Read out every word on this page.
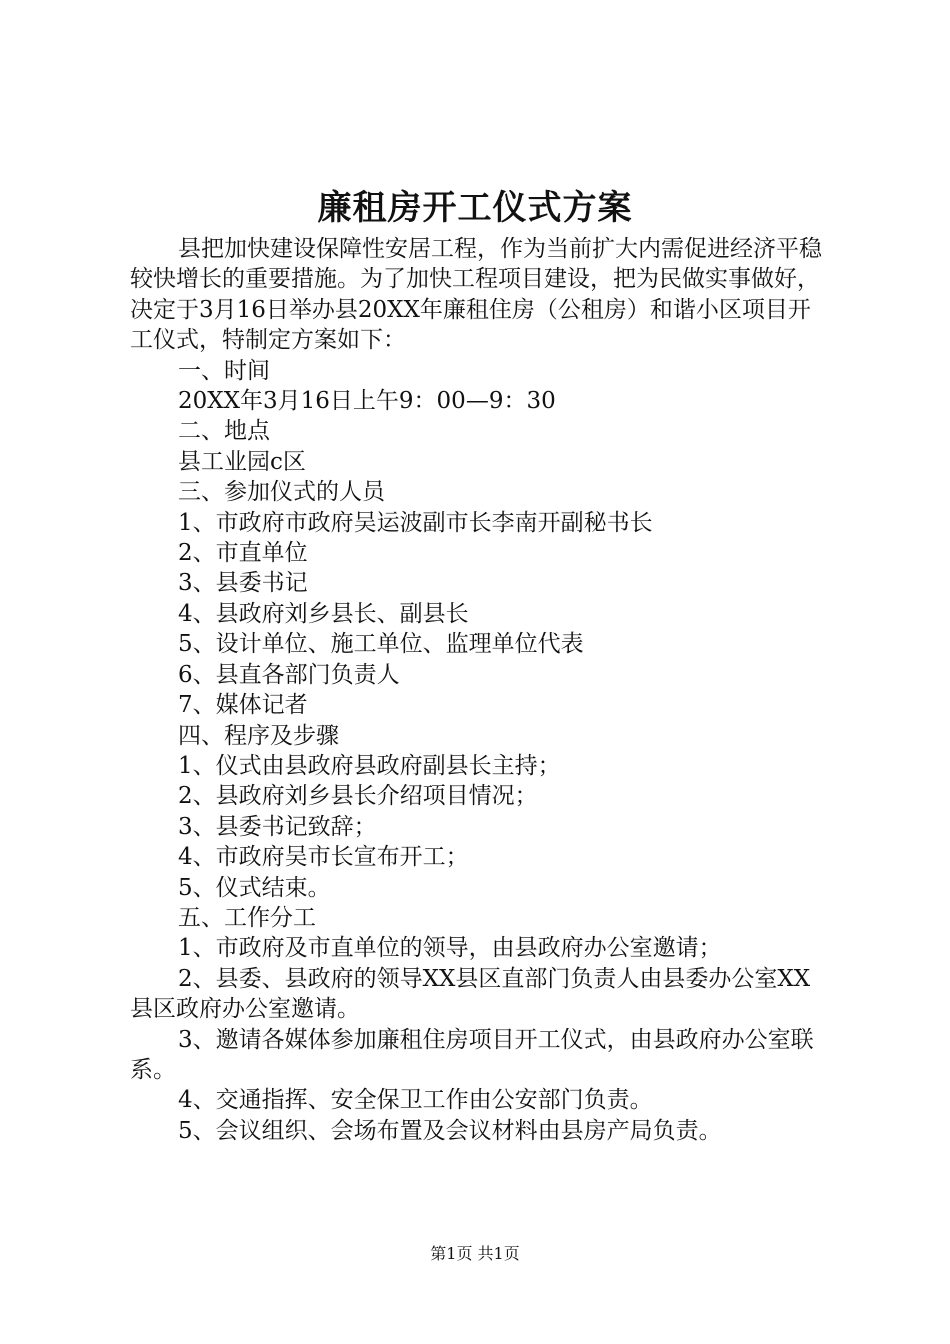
廉租房开工仪式方案

县把加快建设保障性安居工程，作为当前扩大内需促进经济平稳较快增长的重要措施。为了加快工程项目建设，把为民做实事做好，决定于3月16日举办县20XX年廉租住房（公租房）和谐小区项目开工仪式，特制定方案如下：

一、时间

20XX年3月16日上午9：00—9：30

二、地点

县工业园c区

三、参加仪式的人员

1、市政府市政府吴运波副市长李南开副秘书长

2、市直单位

3、县委书记

4、县政府刘乡县长、副县长

5、设计单位、施工单位、监理单位代表

6、县直各部门负责人

7、媒体记者

四、程序及步骤

1、仪式由县政府县政府副县长主持；

2、县政府刘乡县长介绍项目情况；

3、县委书记致辞；

4、市政府吴市长宣布开工；

5、仪式结束。

五、工作分工

1、市政府及市直单位的领导，由县政府办公室邀请；

2、县委、县政府的领导XX县区直部门负责人由县委办公室XX县区政府办公室邀请。

3、邀请各媒体参加廉租住房项目开工仪式，由县政府办公室联系。

4、交通指挥、安全保卫工作由公安部门负责。

5、会议组织、会场布置及会议材料由县房产局负责。

第1页 共1页
